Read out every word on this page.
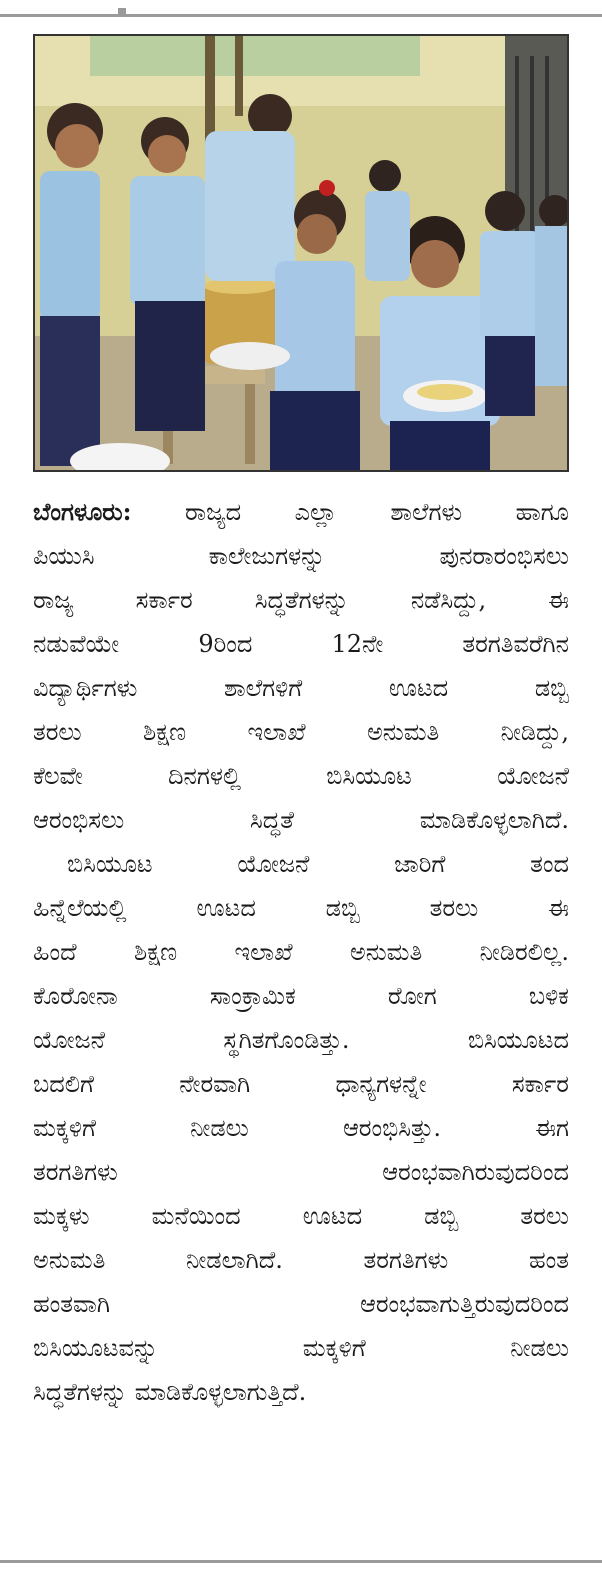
ಬೆಂಗಳೂರು: ರಾಜ್ಯದ ಎಲ್ಲಾ ಶಾಲೆಗಳು ಹಾಗೂ
ಪಿಯುಸಿ	ಕಾಲೇಜುಗಳನ್ನು	ಪುನರಾರಂಭಿಸಲು
ರಾಜ್ಯ	ಸರ್ಕಾರ	ಸಿದ್ಧತೆಗಳನ್ನು	ನಡೆಸಿದ್ದು,	ಈ
ನಡುವೆಯೇ	9ರಿಂದ	12ನೇ	ತರಗತಿವರೆಗಿನ
ವಿದ್ಯಾರ್ಥಿಗಳು	ಶಾಲೆಗಳಿಗೆ	ಊಟದ	ಡಬ್ಬಿ
ತರಲು	ಶಿಕ್ಷಣ	ಇಲಾಖೆ	ಅನುಮತಿ	ನೀಡಿದ್ದು,
ಕೆಲವೇ	ದಿನಗಳಲ್ಲಿ	ಬಿಸಿಯೂಟ	ಯೋಜನೆ
ಆರಂಭಿಸಲು	ಸಿದ್ಧತೆ	ಮಾಡಿಕೊಳ್ಳಲಾಗಿದೆ.
ಬಿಸಿಯೂಟ	ಯೋಜನೆ	ಜಾರಿಗೆ	ತಂದ
ಹಿನ್ನೆಲೆಯಲ್ಲಿ	ಊಟದ	ಡಬ್ಬಿ	ತರಲು	ಈ
ಹಿಂದೆ ಶಿಕ್ಷಣ ಇಲಾಖೆ ಅನುಮತಿ ನೀಡಿರಲಿಲ್ಲ.
ಕೊರೋನಾ	ಸಾಂಕ್ರಾಮಿಕ	ರೋಗ	ಬಳಿಕ
ಯೋಜನೆ	ಸ್ಥಗಿತಗೊಂಡಿತ್ತು.	ಬಿಸಿಯೂಟದ
ಬದಲಿಗೆ	ನೇರವಾಗಿ	ಧಾನ್ಯಗಳನ್ನೇ	ಸರ್ಕಾರ
ಮಕ್ಕಳಿಗೆ	ನೀಡಲು	ಆರಂಭಿಸಿತ್ತು.	ಈಗ
ತರಗತಿಗಳು	ಆರಂಭವಾಗಿರುವುದರಿಂದ
ಮಕ್ಕಳು	ಮನೆಯಿಂದ	ಊಟದ	ಡಬ್ಬಿ	ತರಲು
ಅನುಮತಿ	ನೀಡಲಾಗಿದೆ.	ತರಗತಿಗಳು	ಹಂತ
ಹಂತವಾಗಿ	ಆರಂಭವಾಗುತ್ತಿರುವುದರಿಂದ
ಬಿಸಿಯೂಟವನ್ನು	ಮಕ್ಕಳಿಗೆ	ನೀಡಲು
ಸಿದ್ಧತೆಗಳನ್ನು
ಮಾಡಿಕೊಳ್ಳಲಾಗುತ್ತಿದೆ.
